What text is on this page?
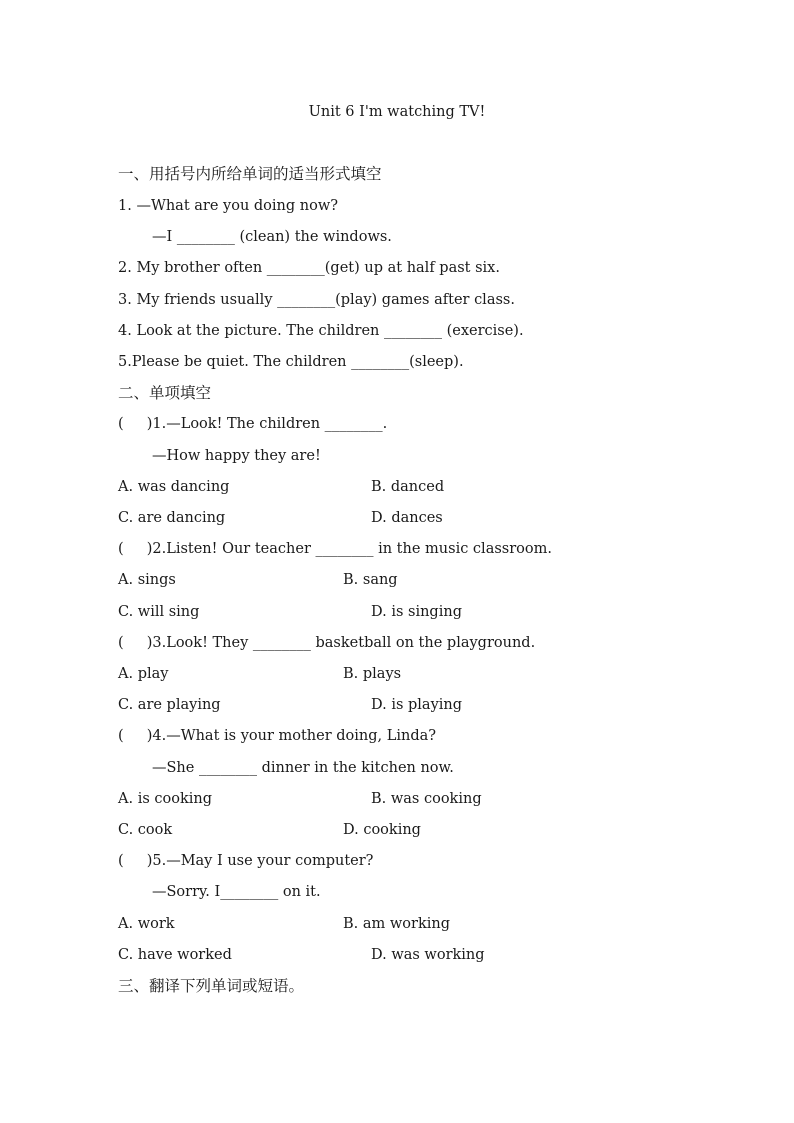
Unit 6 I'm watching TV!
一、用括号内所给单词的适当形式填空
1. —What are you doing now?
—I ________ (clean) the windows.
2. My brother often ________(get) up at half past six.
3. My friends usually ________(play) games after class.
4. Look at the picture. The children ________ (exercise).
5.Please be quiet. The children ________(sleep).
二、单项填空
(     )1.—Look! The children ________.
—How happy they are!
A. was dancing	B. danced
C. are dancing	D. dances
(     )2.Listen! Our teacher ________ in the music classroom.
A. sings	B. sang
C. will sing	D. is singing
(     )3.Look! They ________ basketball on the playground.
A. play	B. plays
C. are playing	D. is playing
(     )4.—What is your mother doing, Linda?
—She ________ dinner in the kitchen now.
A. is cooking	B. was cooking
C. cook	D. cooking
(     )5.—May I use your computer?
—Sorry. I________ on it.
A. work	B. am working
C. have worked	D. was working
三、翻译下列单词或短语。
